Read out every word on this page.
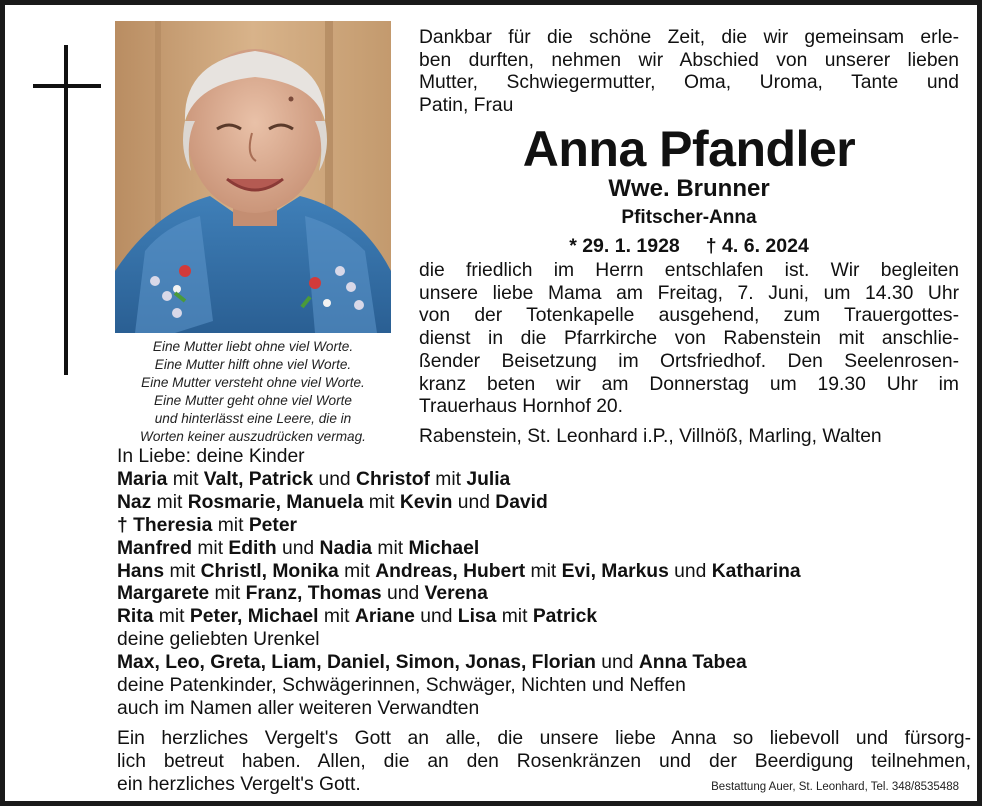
Eine Mutter liebt ohne viel Worte.
Eine Mutter hilft ohne viel Worte.
Eine Mutter versteht ohne viel Worte.
Eine Mutter geht ohne viel Worte
und hinterlässt eine Leere, die in
Worten keiner auszudrücken vermag.
Dankbar für die schöne Zeit, die wir gemeinsam erle-
ben durften, nehmen wir Abschied von unserer lieben
Mutter, Schwiegermutter, Oma, Uroma, Tante und
Patin, Frau
Anna Pfandler
Wwe. Brunner
Pfitscher-Anna
* 29. 1. 1928 † 4. 6. 2024
die friedlich im Herrn entschlafen ist. Wir begleiten
unsere liebe Mama am Freitag, 7. Juni, um 14.30 Uhr
von der Totenkapelle ausgehend, zum Trauergottes-
dienst in die Pfarrkirche von Rabenstein mit anschlie-
ßender Beisetzung im Ortsfriedhof. Den Seelenrosen-
kranz beten wir am Donnerstag um 19.30 Uhr im
Trauerhaus Hornhof 20.
Rabenstein, St. Leonhard i.P., Villnöß, Marling, Walten
In Liebe: deine Kinder
Maria mit Valt, Patrick und Christof mit Julia
Naz mit Rosmarie, Manuela mit Kevin und David
† Theresia mit Peter
Manfred mit Edith und Nadia mit Michael
Hans mit Christl, Monika mit Andreas, Hubert mit Evi, Markus und Katharina
Margarete mit Franz, Thomas und Verena
Rita mit Peter, Michael mit Ariane und Lisa mit Patrick
deine geliebten Urenkel
Max, Leo, Greta, Liam, Daniel, Simon, Jonas, Florian und Anna Tabea
deine Patenkinder, Schwägerinnen, Schwäger, Nichten und Neffen
auch im Namen aller weiteren Verwandten
Ein herzliches Vergelt's Gott an alle, die unsere liebe Anna so liebevoll und fürsorg-
lich betreut haben. Allen, die an den Rosenkränzen und der Beerdigung teilnehmen,
ein herzliches Vergelt's Gott.	Bestattung Auer, St. Leonhard, Tel. 348/8535488
